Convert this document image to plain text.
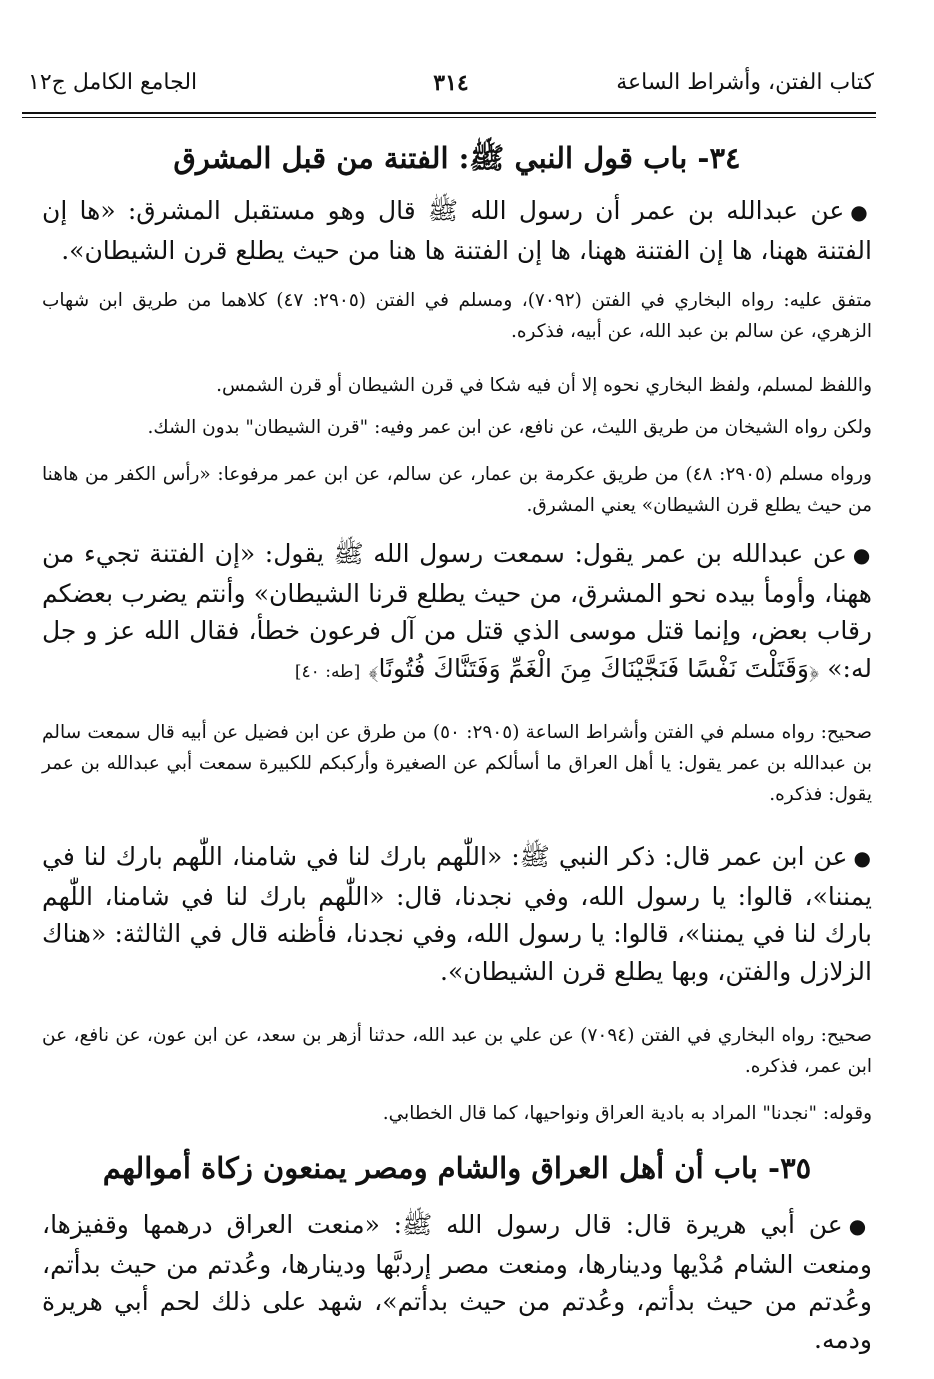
كتاب الفتن، وأشراط الساعة
٣١٤
الجامع الكامل ج١٢
٣٤- باب قول النبي ﷺ: الفتنة من قبل المشرق
●عن عبدالله بن عمر أن رسول الله ﷺ قال وهو مستقبل المشرق: «ها إن الفتنة ههنا، ها إن الفتنة ههنا، ها إن الفتنة ها هنا من حيث يطلع قرن الشيطان».
متفق عليه: رواه البخاري في الفتن (٧٠٩٢)، ومسلم في الفتن (٢٩٠٥: ٤٧) كلاهما من طريق ابن شهاب الزهري، عن سالم بن عبد الله، عن أبيه، فذكره.
واللفظ لمسلم، ولفظ البخاري نحوه إلا أن فيه شكا في قرن الشيطان أو قرن الشمس.
ولكن رواه الشيخان من طريق الليث، عن نافع، عن ابن عمر وفيه: "قرن الشيطان" بدون الشك.
ورواه مسلم (٢٩٠٥: ٤٨) من طريق عكرمة بن عمار، عن سالم، عن ابن عمر مرفوعا: «رأس الكفر من هاهنا من حيث يطلع قرن الشيطان» يعني المشرق.
●عن عبدالله بن عمر يقول: سمعت رسول الله ﷺ يقول: «إن الفتنة تجيء من ههنا، وأومأ بيده نحو المشرق، من حيث يطلع قرنا الشيطان» وأنتم يضرب بعضكم رقاب بعض، وإنما قتل موسى الذي قتل من آل فرعون خطأ، فقال الله عز و جل له:» ﴿وَقَتَلْتَ نَفْسًا فَنَجَّيْنَاكَ مِنَ الْغَمِّ وَفَتَنَّاكَ فُتُونًا﴾ [طه: ٤٠]
صحيح: رواه مسلم في الفتن وأشراط الساعة (٢٩٠٥: ٥٠) من طرق عن ابن فضيل عن أبيه قال سمعت سالم بن عبدالله بن عمر يقول: يا أهل العراق ما أسألكم عن الصغيرة وأركبكم للكبيرة سمعت أبي عبدالله بن عمر يقول: فذكره.
●عن ابن عمر قال: ذكر النبي ﷺ: «اللّٰهم بارك لنا في شامنا، اللّٰهم بارك لنا في يمننا»، قالوا: يا رسول الله، وفي نجدنا، قال: «اللّٰهم بارك لنا في شامنا، اللّٰهم بارك لنا في يمننا»، قالوا: يا رسول الله، وفي نجدنا، فأظنه قال في الثالثة: «هناك الزلازل والفتن، وبها يطلع قرن الشيطان».
صحيح: رواه البخاري في الفتن (٧٠٩٤) عن علي بن عبد الله، حدثنا أزهر بن سعد، عن ابن عون، عن نافع، عن ابن عمر، فذكره.
وقوله: "نجدنا" المراد به بادية العراق ونواحيها، كما قال الخطابي.
٣٥- باب أن أهل العراق والشام ومصر يمنعون زكاة أموالهم
●عن أبي هريرة قال: قال رسول الله ﷺ: «منعت العراق درهمها وقفيزها، ومنعت الشام مُدْيها ودينارها، ومنعت مصر إردبَّها ودينارها، وعُدتم من حيث بدأتم، وعُدتم من حيث بدأتم، وعُدتم من حيث بدأتم»، شهد على ذلك لحم أبي هريرة ودمه.
